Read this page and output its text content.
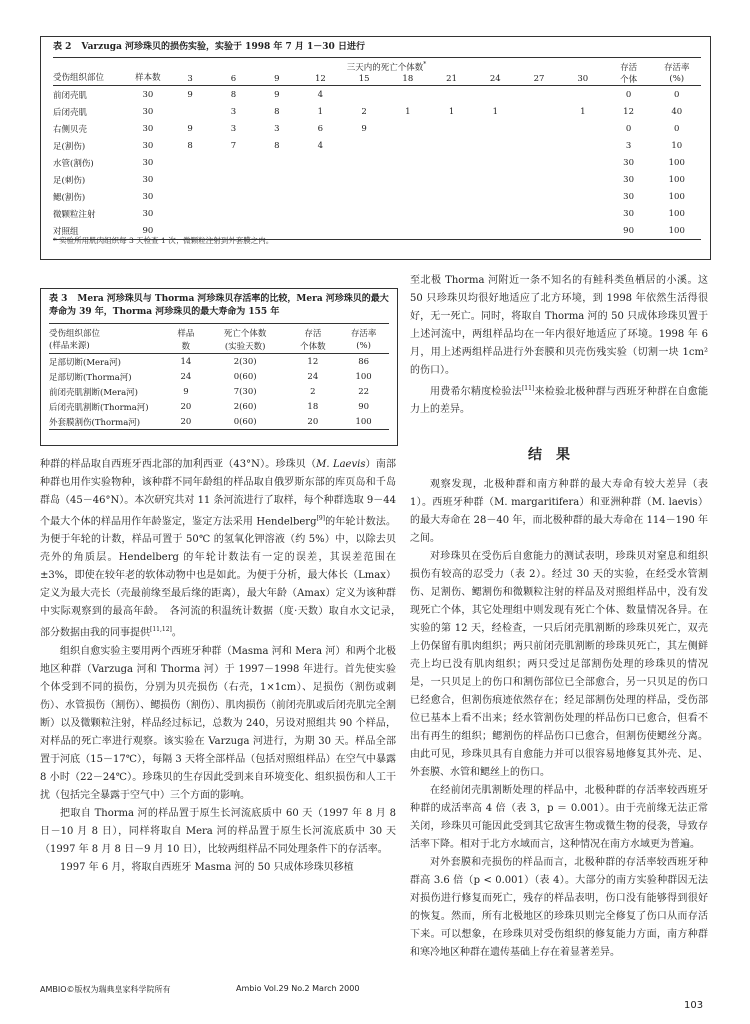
表 2 Varzuga 河珍珠贝的损伤实验，实验于 1998 年 7 月 1－30 日进行
受伤组织部位	样本数	三天内的死亡个体数*										存活	存活率
		3	6	9	12	15	18	21	24	27	30	个体	(%)
前闭壳肌	30	9	8	9	4							0	0
后闭壳肌	30		3	8	1	2	1	1	1		1	12	40
右侧贝壳	30	9	3	3	6	9						0	0
足(割伤)	30	8	7	8	4							3	10
水管(割伤)	30											30	100
足(刺伤)	30											30	100
鳃(割伤)	30											30	100
微颗粒注射	30											30	100
对照组	90											90	100
* 实验所用肌肉组织每 3 天检查 1 次；微颗粒注射到外套膜之内。
表 3 Mera 河珍珠贝与 Thorma 河珍珠贝存活率的比较，Mera 河珍珠贝的最大寿命为 39 年，Thorma 河珍珠贝的最大寿命为 155 年
受伤组织部位	样品	死亡个体数	存活	存活率
(样品来源)	数	(实验天数)	个体数	(%)
足部切断(Mera河)	14	2(30)	12	86
足部切断(Thorma河)	24	0(60)	24	100
前闭壳肌割断(Mera河)	9	7(30)	2	22
后闭壳肌割断(Thorma河)	20	2(60)	18	90
外套膜割伤(Thorma河)	20	0(60)	20	100

至北极 Thorma 河附近一条不知名的有鲑科类鱼栖居的小溪。这 50 只珍珠贝均很好地适应了北方环境，到 1998 年依然生活得很好，无一死亡。同时，将取自 Thorma 河的 50 只成体珍珠贝置于上述河流中，两组样品均在一年内很好地适应了环境。1998 年 6 月，用上述两组样品进行外套膜和贝壳伤残实验（切割一块 1cm² 的伤口）。

用费希尔精度检验法[11]来检验北极种群与西班牙种群在自愈能力上的差异。

结果

观察发现，北极种群和南方种群的最大寿命有较大差异（表 1）。西班牙种群（M. margaritifera）和亚洲种群（M. laevis）的最大寿命在 28－40 年，而北极种群的最大寿命在 114－190 年之间。

对珍珠贝在受伤后自愈能力的测试表明，珍珠贝对窒息和组织损伤有较高的忍受力（表 2）。经过 30 天的实验，在经受水管割伤、足割伤、鳃割伤和微颗粒注射的样品及对照组样品中，没有发现死亡个体，其它处理组中则发现有死亡个体、数量情况各异。在实验的第 12 天，经检查，一只后闭壳肌割断的珍珠贝死亡，双壳上仍保留有肌肉组织；两只前闭壳肌割断的珍珠贝死亡，其左侧鲜壳上均已没有肌肉组织；两只受过足部割伤处理的珍珠贝的情况是，一只贝足上的伤口和割伤部位已全部愈合，另一只贝足的伤口已经愈合，但割伤痕迹依然存在；经足部割伤处理的样品，受伤部位已基本上看不出来；经水管割伤处理的样品伤口已愈合，但看不出有再生的组织；鳃割伤的样品伤口已愈合，但割伤使鳃丝分离。由此可见，珍珠贝具有自愈能力并可以很容易地修复其外壳、足、外套膜、水管和鳃丝上的伤口。

在经前闭壳肌割断处理的样品中，北极种群的存活率较西班牙种群的成活率高 4 倍（表 3，p ＝ 0.001）。由于壳前缘无法正常关闭，珍珠贝可能因此受到其它敌害生物或微生物的侵袭，导致存活率下降。相对于北方水域而言，这种情况在南方水域更为普遍。

对外套膜和壳损伤的样品而言，北极种群的存活率较西班牙种群高 3.6 倍（p < 0.001）（表 4）。大部分的南方实验种群因无法对损伤进行修复而死亡，残存的样品表明，伤口没有能够得到很好的恢复。然而，所有北极地区的珍珠贝则完全修复了伤口从而存活下来。可以想象，在珍珠贝对受伤组织的修复能力方面，南方种群和寒冷地区种群在遗传基础上存在着显著差异。

种群的样品取自西班牙西北部的加利西亚（43°N）。珍珠贝（M. Laevis）南部种群也用作实验物种，该种群不同年龄组的样品取自俄罗斯东部的库页岛和千岛群岛（45－46°N）。本次研究共对 11 条河流进行了取样，每个种群选取 9－44 个最大个体的样品用作年龄鉴定，鉴定方法采用 Hendelberg[9]的年轮计数法。为便于年轮的计数，样品可置于 50℃ 的氢氧化钾溶液（约 5%）中，以除去贝壳外的角质层。Hendelberg 的年轮计数法有一定的误差，其误差范围在 ±3%，即使在较年老的软体动物中也是如此。为便于分析，最大体长（Lmax）定义为最大壳长（壳最前缘至最后缘的距离），最大年龄（Amax）定义为该种群中实际观察到的最高年龄。　各河流的积温统计数据（度·天数）取自水文记录，　部分数据由我的同事提供[11,12]。

组织自愈实验主要用两个西班牙种群（Masma 河和 Mera 河）和两个北极地区种群（Varzuga 河和 Thorma 河）于 1997－1998 年进行。首先使实验个体受到不同的损伤，分别为贝壳损伤（右壳，1×1cm）、足损伤（割伤或刺伤）、水管损伤（割伤）、鳃损伤（割伤）、肌肉损伤（前闭壳肌或后闭壳肌完全割断）以及微颗粒注射，样品经过标记，总数为 240，另设对照组共 90 个样品，对样品的死亡率进行观察。该实验在 Varzuga 河进行，为期 30 天。样品全部置于河底（15－17℃），每隔 3 天将全部样品（包括对照组样品）在空气中暴露 8 小时（22－24℃）。珍珠贝的生存因此受到来自环境变化、组织损伤和人工干扰（包括完全暴露于空气中）三个方面的影响。

把取自 Thorma 河的样品置于原生长河流底质中 60 天（1997 年 8 月 8 日－10 月 8 日），同样将取自 Mera 河的样品置于原生长河流底质中 30 天（1997 年 8 月 8 日－9 月 10 日），比较两组样品不同处理条件下的存活率。

1997 年 6 月，将取自西班牙 Masma 河的 50 只成体珍珠贝移植

AMBIO©版权为瑞典皇家科学院所有	Ambio Vol.29 No.2 March 2000
103
